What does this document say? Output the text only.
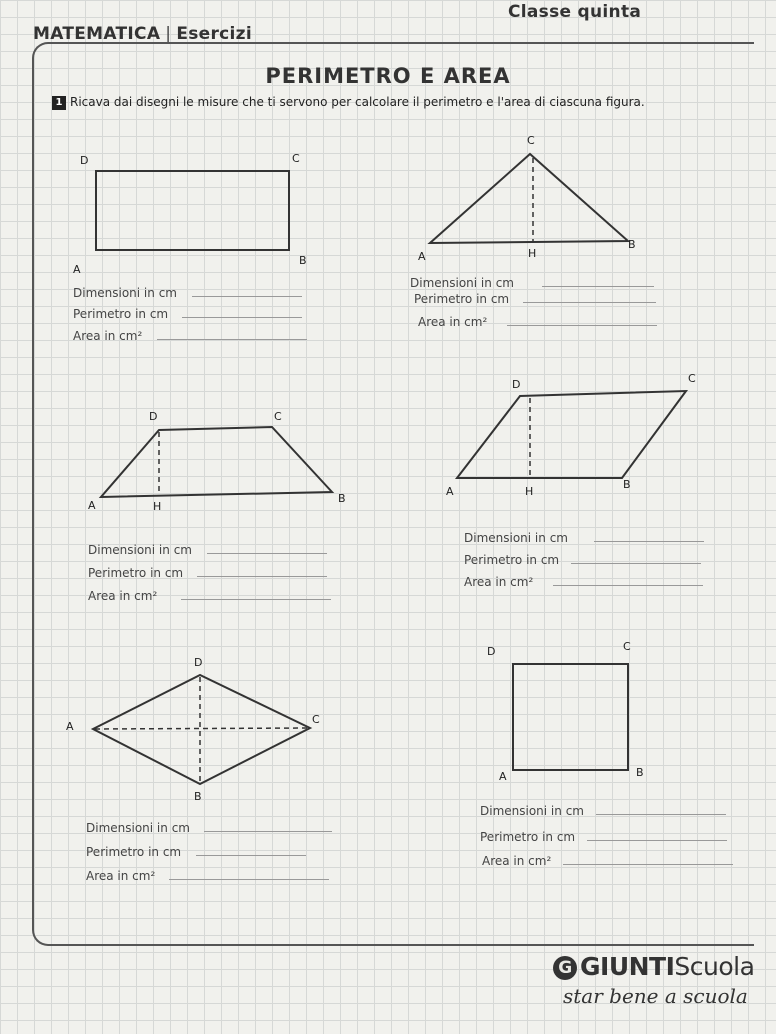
Classe quinta
MATEMATICA | Esercizi
PERIMETRO E AREA
1 Ricava dai disegni le misure che ti servono per calcolare il perimetro e l'area di ciascuna figura.
D	C
A
B
C
A	H
B
D	C
A	H
B
D	C
A	H
B
D
A
C
B
D	C
A	B
Dimensioni in cm
Perimetro in cm
Area in cm²
Dimensioni in cm
Perimetro in cm
Area in cm²
Dimensioni in cm
Perimetro in cm
Area in cm²
Dimensioni in cm
Perimetro in cm
Area in cm²
Dimensioni in cm
Perimetro in cm
Area in cm²
Dimensioni in cm
Perimetro in cm
Area in cm²
G GIUNTIScuola
star bene a scuola
